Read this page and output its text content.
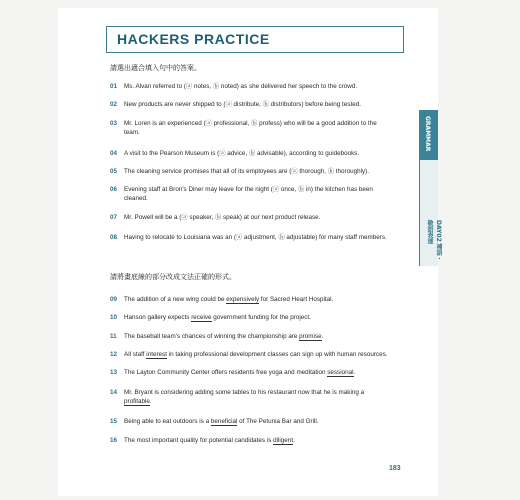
HACKERS PRACTICE
請選出適合填入句中的答案。
01 Ms. Alvan referred to (ⓐ notes, ⓑ noted) as she delivered her speech to the crowd.
02 New products are never shipped to (ⓐ distribute, ⓑ distributors) before being tested.
03 Mr. Loren is an experienced (ⓐ professional, ⓑ profess) who will be a good addition to the
team.
04 A visit to the Pearson Museum is (ⓐ advice, ⓑ advisable), according to guidebooks.
05 The cleaning service promises that all of its employees are (ⓐ thorough, ⓑ thoroughly).
06 Evening staff at Bron's Diner may leave for the night (ⓐ once, ⓑ in) the kitchen has been
cleaned.
07 Mr. Powell will be a (ⓐ speaker, ⓑ speak) at our next product release.
08 Having to relocate to Louisiana was an (ⓐ adjustment, ⓑ adjustable) for many staff members.
請將畫底線的部分改成文法正確的形式。
09 The addition of a new wing could be expensively for Sacred Heart Hospital.
10 Hanson gallery expects receive government funding for the project.
11 The baseball team's chances of winning the championship are promise.
12 All staff interest in taking professional development classes can sign up with human resources.
13 The Layton Community Center offers residents free yoga and meditation sessional.
14 Mr. Bryant is considering adding some tables to his restaurant now that he is making a
profitable.
15 Being able to eat outdoors is a beneficial of The Petunia Bar and Grill.
16 The most important quality for potential candidates is diligent.
GRAMMAR
DAY02 補語・敬語表達
183
